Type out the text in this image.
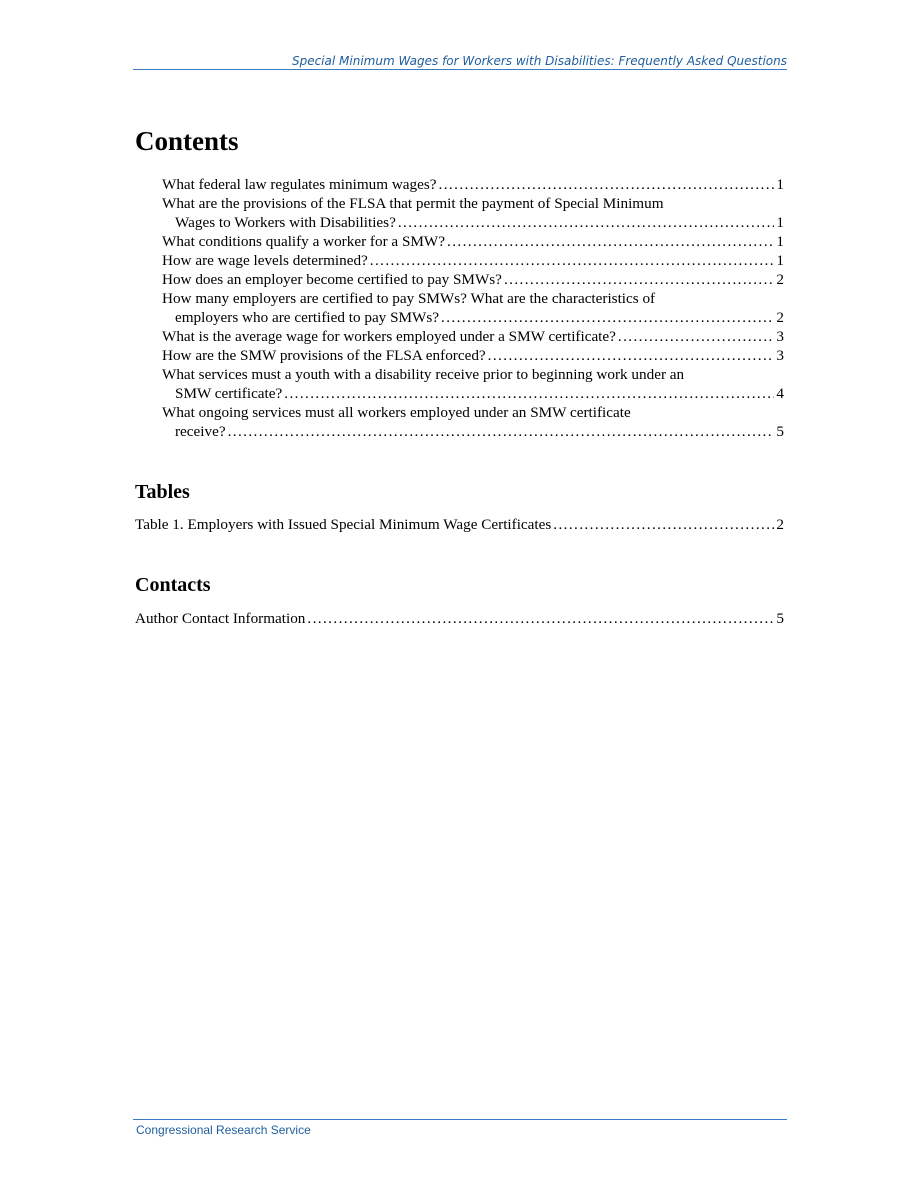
Special Minimum Wages for Workers with Disabilities: Frequently Asked Questions
Contents
What federal law regulates minimum wages? . . .	1
What are the provisions of the FLSA that permit the payment of Special Minimum
Wages to Workers with Disabilities? . . .	1
What conditions qualify a worker for a SMW? . . .	1
How are wage levels determined? . . .	1
How does an employer become certified to pay SMWs? . . .	2
How many employers are certified to pay SMWs? What are the characteristics of
employers who are certified to pay SMWs? . . .	2
What is the average wage for workers employed under a SMW certificate? . . .	3
How are the SMW provisions of the FLSA enforced? . . .	3
What services must a youth with a disability receive prior to beginning work under an
SMW certificate? . . .	4
What ongoing services must all workers employed under an SMW certificate
receive? . . .	5
Tables
Table 1. Employers with Issued Special Minimum Wage Certificates . . .	2
Contacts
Author Contact Information . . .	5
Congressional Research Service
